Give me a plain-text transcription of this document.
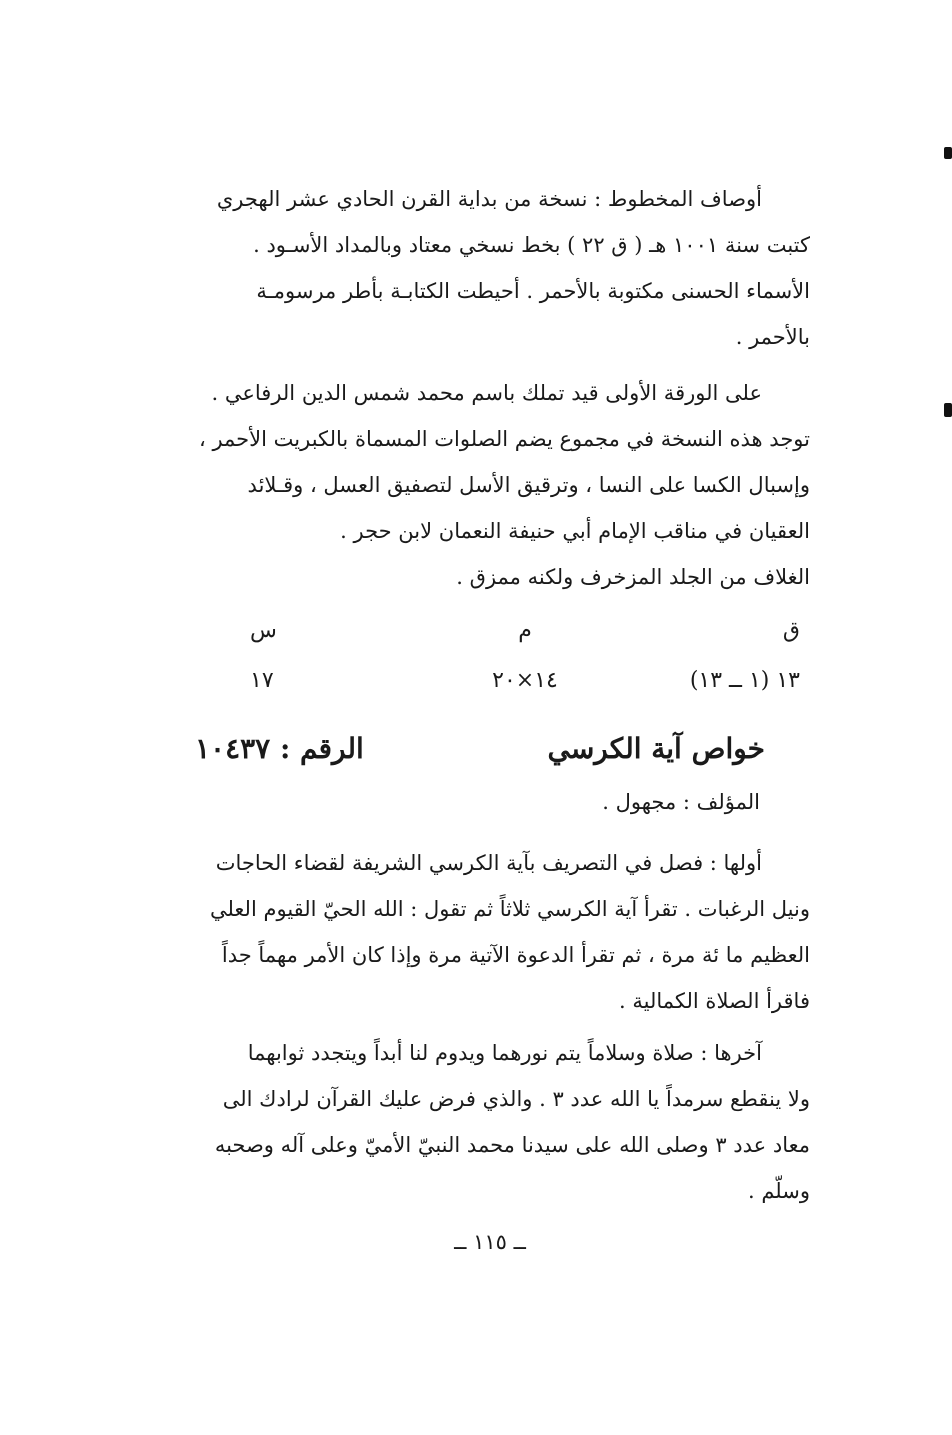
أوصاف المخطوط : نسخة من بداية القرن الحادي عشر الهجري

كتبت سنة ١٠٠١ هـ ( ق ٢٢ ) بخط نسخي معتاد وبالمداد الأسـود .

الأسماء الحسنى مكتوبة بالأحمر . أحيطت الكتابـة بأطر مرسومـة

بالأحمر .

على الورقة الأولى قيد تملك باسم محمد شمس الدين الرفاعي .

توجد هذه النسخة في مجموع يضم الصلوات المسماة بالكبريت الأحمر ،

وإسبال الكسا على النسا ، وترقيق الأسل لتصفيق العسل ، وقـلائد

العقيان في مناقب الإمام أبي حنيفة النعمان لابن حجر .

الغلاف من الجلد المزخرف ولكنه ممزق .

ق
م
س
١٣ (١ ــ ١٣)
١٤×٢٠
١٧
خواص آية الكرسي
الرقم : ١٠٤٣٧
المؤلف : مجهول .

أولها : فصل في التصريف بآية الكرسي الشريفة لقضاء الحاجات

ونيل الرغبات . تقرأ آية الكرسي ثلاثاً ثم تقول : الله الحيّ القيوم العلي

العظيم ما ئة مرة ، ثم تقرأ الدعوة الآتية مرة وإذا كان الأمر مهماً جداً

فاقرأ الصلاة الكمالية .

آخرها : صلاة وسلاماً يتم نورهما ويدوم لنا أبداً ويتجدد ثوابهما

ولا ينقطع سرمداً يا الله عدد ٣ . والذي فرض عليك القرآن لرادك الى

معاد عدد ٣ وصلى الله على سيدنا محمد النبيّ الأميّ وعلى آله وصحبه

وسلّم .

ــ ١١٥ ــ
